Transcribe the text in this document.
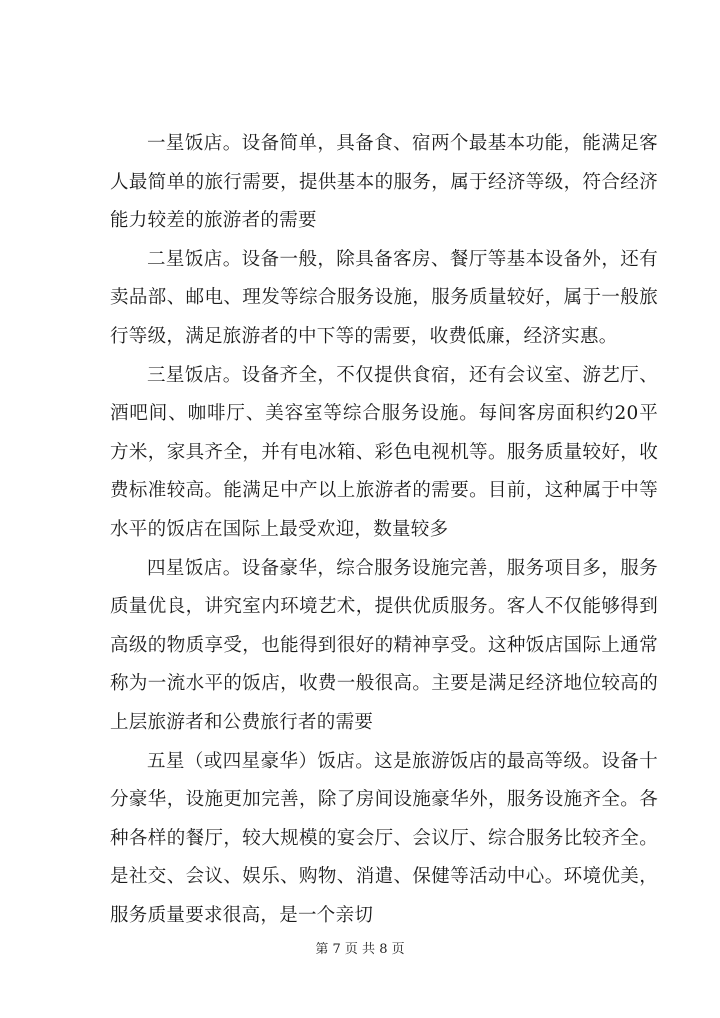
一星饭店。设备简单，具备食、宿两个最基本功能，能满足客人最简单的旅行需要，提供基本的服务，属于经济等级，符合经济能力较差的旅游者的需要

二星饭店。设备一般，除具备客房、餐厅等基本设备外，还有卖品部、邮电、理发等综合服务设施，服务质量较好，属于一般旅行等级，满足旅游者的中下等的需要，收费低廉，经济实惠。

三星饭店。设备齐全，不仅提供食宿，还有会议室、游艺厅、酒吧间、咖啡厅、美容室等综合服务设施。每间客房面积约20平方米，家具齐全，并有电冰箱、彩色电视机等。服务质量较好，收费标准较高。能满足中产以上旅游者的需要。目前，这种属于中等水平的饭店在国际上最受欢迎，数量较多

四星饭店。设备豪华，综合服务设施完善，服务项目多，服务质量优良，讲究室内环境艺术，提供优质服务。客人不仅能够得到高级的物质享受，也能得到很好的精神享受。这种饭店国际上通常称为一流水平的饭店，收费一般很高。主要是满足经济地位较高的上层旅游者和公费旅行者的需要

五星（或四星豪华）饭店。这是旅游饭店的最高等级。设备十分豪华，设施更加完善，除了房间设施豪华外，服务设施齐全。各种各样的餐厅，较大规模的宴会厅、会议厅、综合服务比较齐全。是社交、会议、娱乐、购物、消遣、保健等活动中心。环境优美，服务质量要求很高，是一个亲切

第 7 页 共 8 页
